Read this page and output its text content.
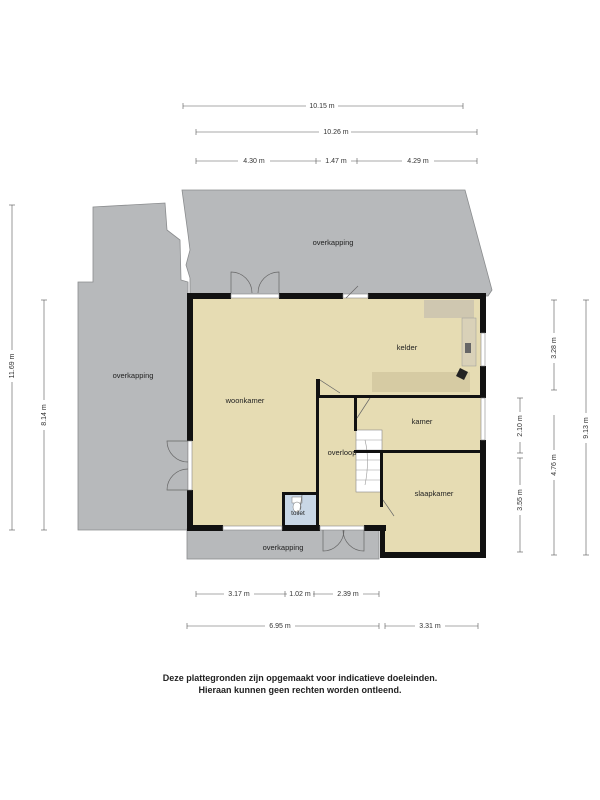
overkapping
overkapping
overkapping
kelder
woonkamer
kamer
overloop
slaapkamer
toilet
10.15 m
10.26 m
4.30 m	1.47 m	4.29 m
11.69 m
8.14 m
3.28 m
9.13 m
4.76 m
2.10 m
3.55 m
3.17 m	1.02 m	2.39 m
6.95 m	3.31 m
Deze plattegronden zijn opgemaakt voor indicatieve doeleinden.
Hieraan kunnen geen rechten worden ontleend.
